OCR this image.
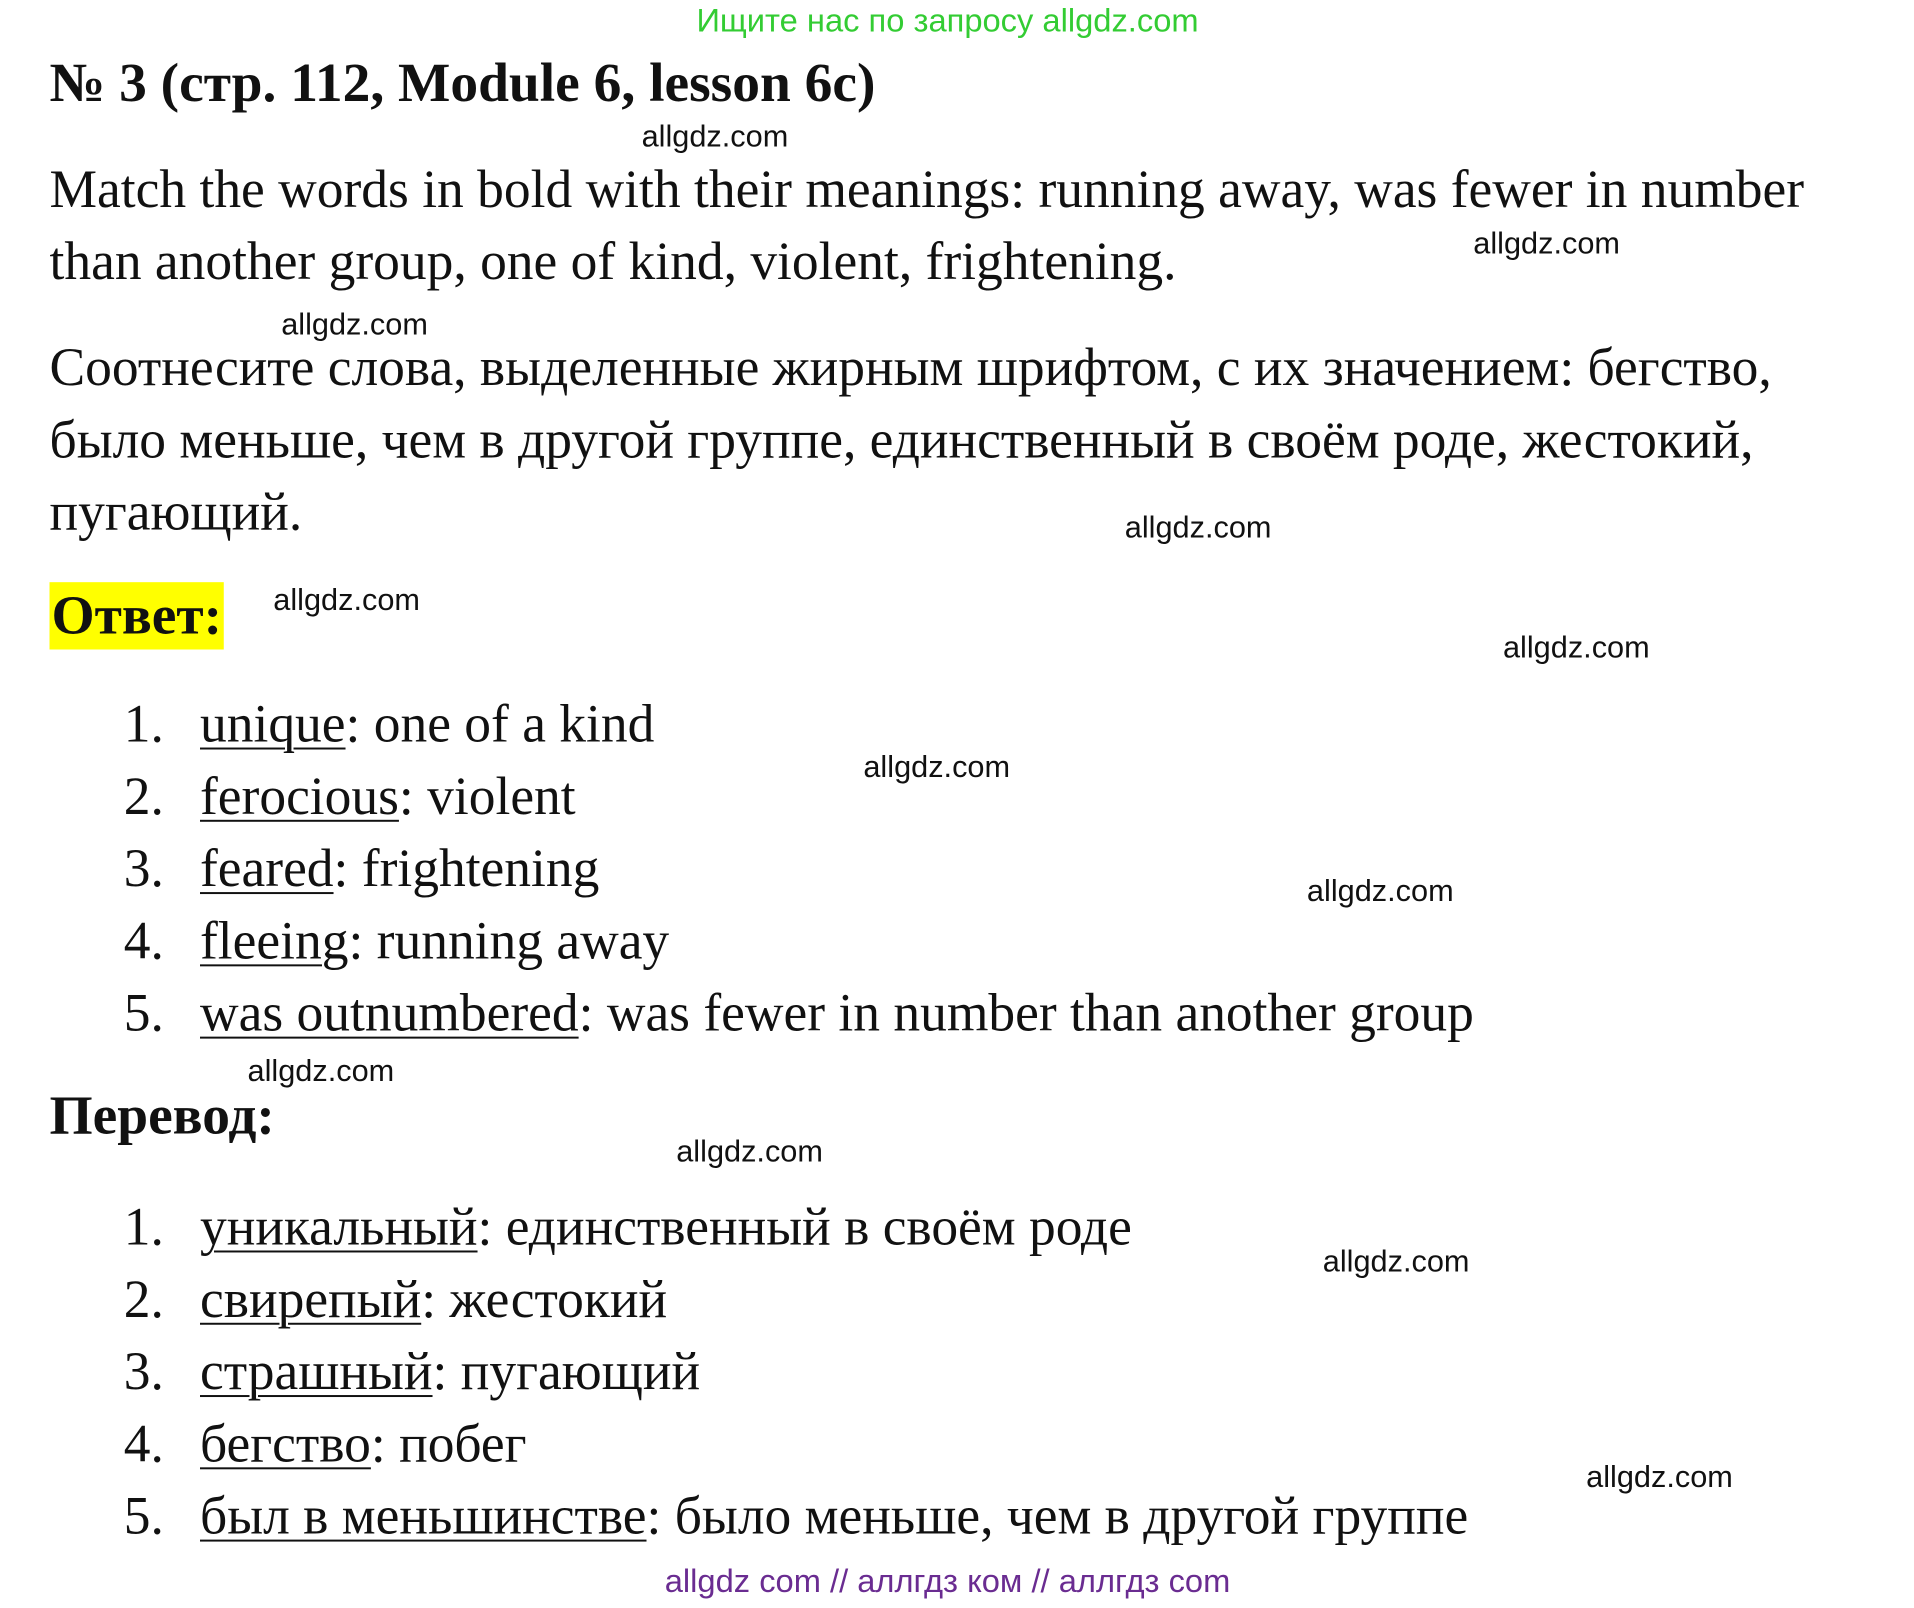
Ищите нас по запросу allgdz.com
№ 3 (стр. 112, Module 6, lesson 6c)
Match the words in bold with their meanings: running away, was fewer in number than another group, one of kind, violent, frightening.
Соотнесите слова, выделенные жирным шрифтом, с их значением: бегство, было меньше, чем в другой группе, единственный в своём роде, жестокий, пугающий.
Ответ:
1. unique: one of a kind
2. ferocious: violent
3. feared: frightening
4. fleeing: running away
5. was outnumbered: was fewer in number than another group
Перевод:
1. уникальный: единственный в своём роде
2. свирепый: жестокий
3. страшный: пугающий
4. бегство: побег
5. был в меньшинстве: было меньше, чем в другой группе
allgdz.com
allgdz.com
allgdz.com
allgdz.com
allgdz.com
allgdz.com
allgdz.com
allgdz.com
allgdz.com
allgdz.com
allgdz.com
allgdz.com
allgdz com // аллгдз ком // аллгдз com
